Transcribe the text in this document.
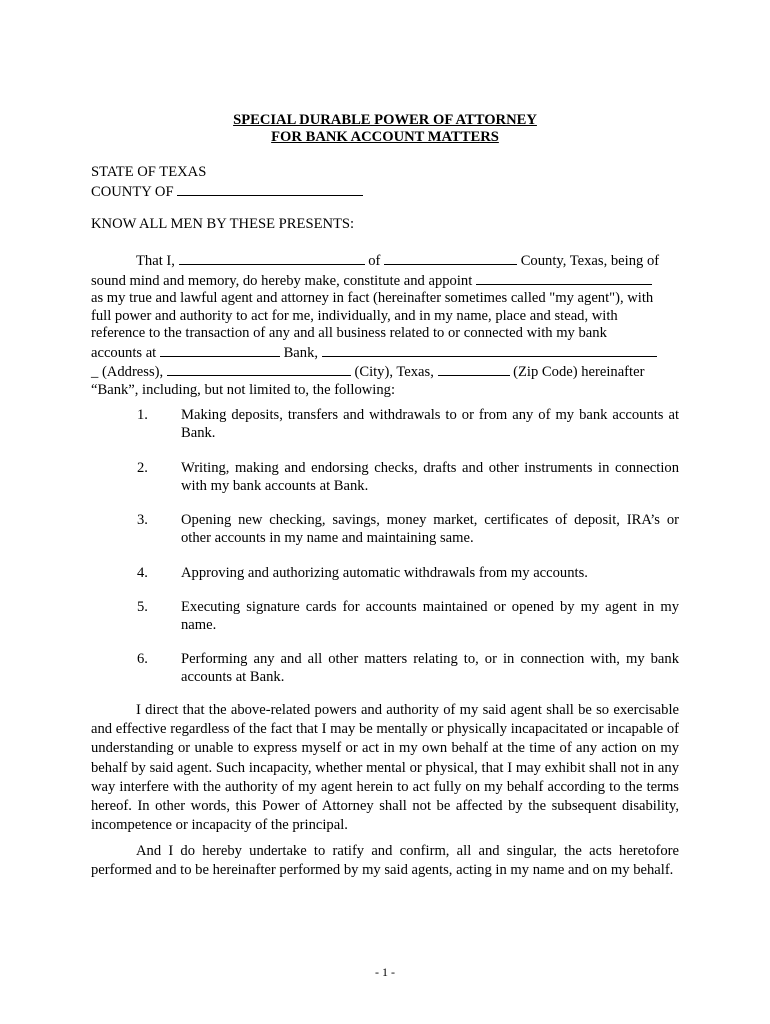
SPECIAL DURABLE POWER OF ATTORNEY
FOR BANK ACCOUNT MATTERS
STATE OF TEXAS
COUNTY OF
KNOW ALL MEN BY THESE PRESENTS:
That I,	of	County, Texas, being of
sound mind and memory, do hereby make, constitute and appoint
as my true and lawful agent and attorney in fact (hereinafter sometimes called "my agent"), with
full power and authority to act for me, individually, and in my name, place and stead, with
reference to the transaction of any and all business related to or connected with my bank
accounts at	Bank,
_ (Address),	(City), Texas,	(Zip Code) hereinafter
“Bank”, including, but not limited to, the following:
1. Making deposits, transfers and withdrawals to or from any of my bank accounts at Bank.
2. Writing, making and endorsing checks, drafts and other instruments in connection with my bank accounts at Bank.
3. Opening new checking, savings, money market, certificates of deposit, IRA’s or other accounts in my name and maintaining same.
4. Approving and authorizing automatic withdrawals from my accounts.
5. Executing signature cards for accounts maintained or opened by my agent in my name.
6. Performing any and all other matters relating to, or in connection with, my bank accounts at Bank.
I direct that the above-related powers and authority of my said agent shall be so exercisable and effective regardless of the fact that I may be mentally or physically incapacitated or incapable of understanding or unable to express myself or act in my own behalf at the time of any action on my behalf by said agent. Such incapacity, whether mental or physical, that I may exhibit shall not in any way interfere with the authority of my agent herein to act fully on my behalf according to the terms hereof. In other words, this Power of Attorney shall not be affected by the subsequent disability, incompetence or incapacity of the principal.
And I do hereby undertake to ratify and confirm, all and singular, the acts heretofore performed and to be hereinafter performed by my said agents, acting in my name and on my behalf.
- 1 -
